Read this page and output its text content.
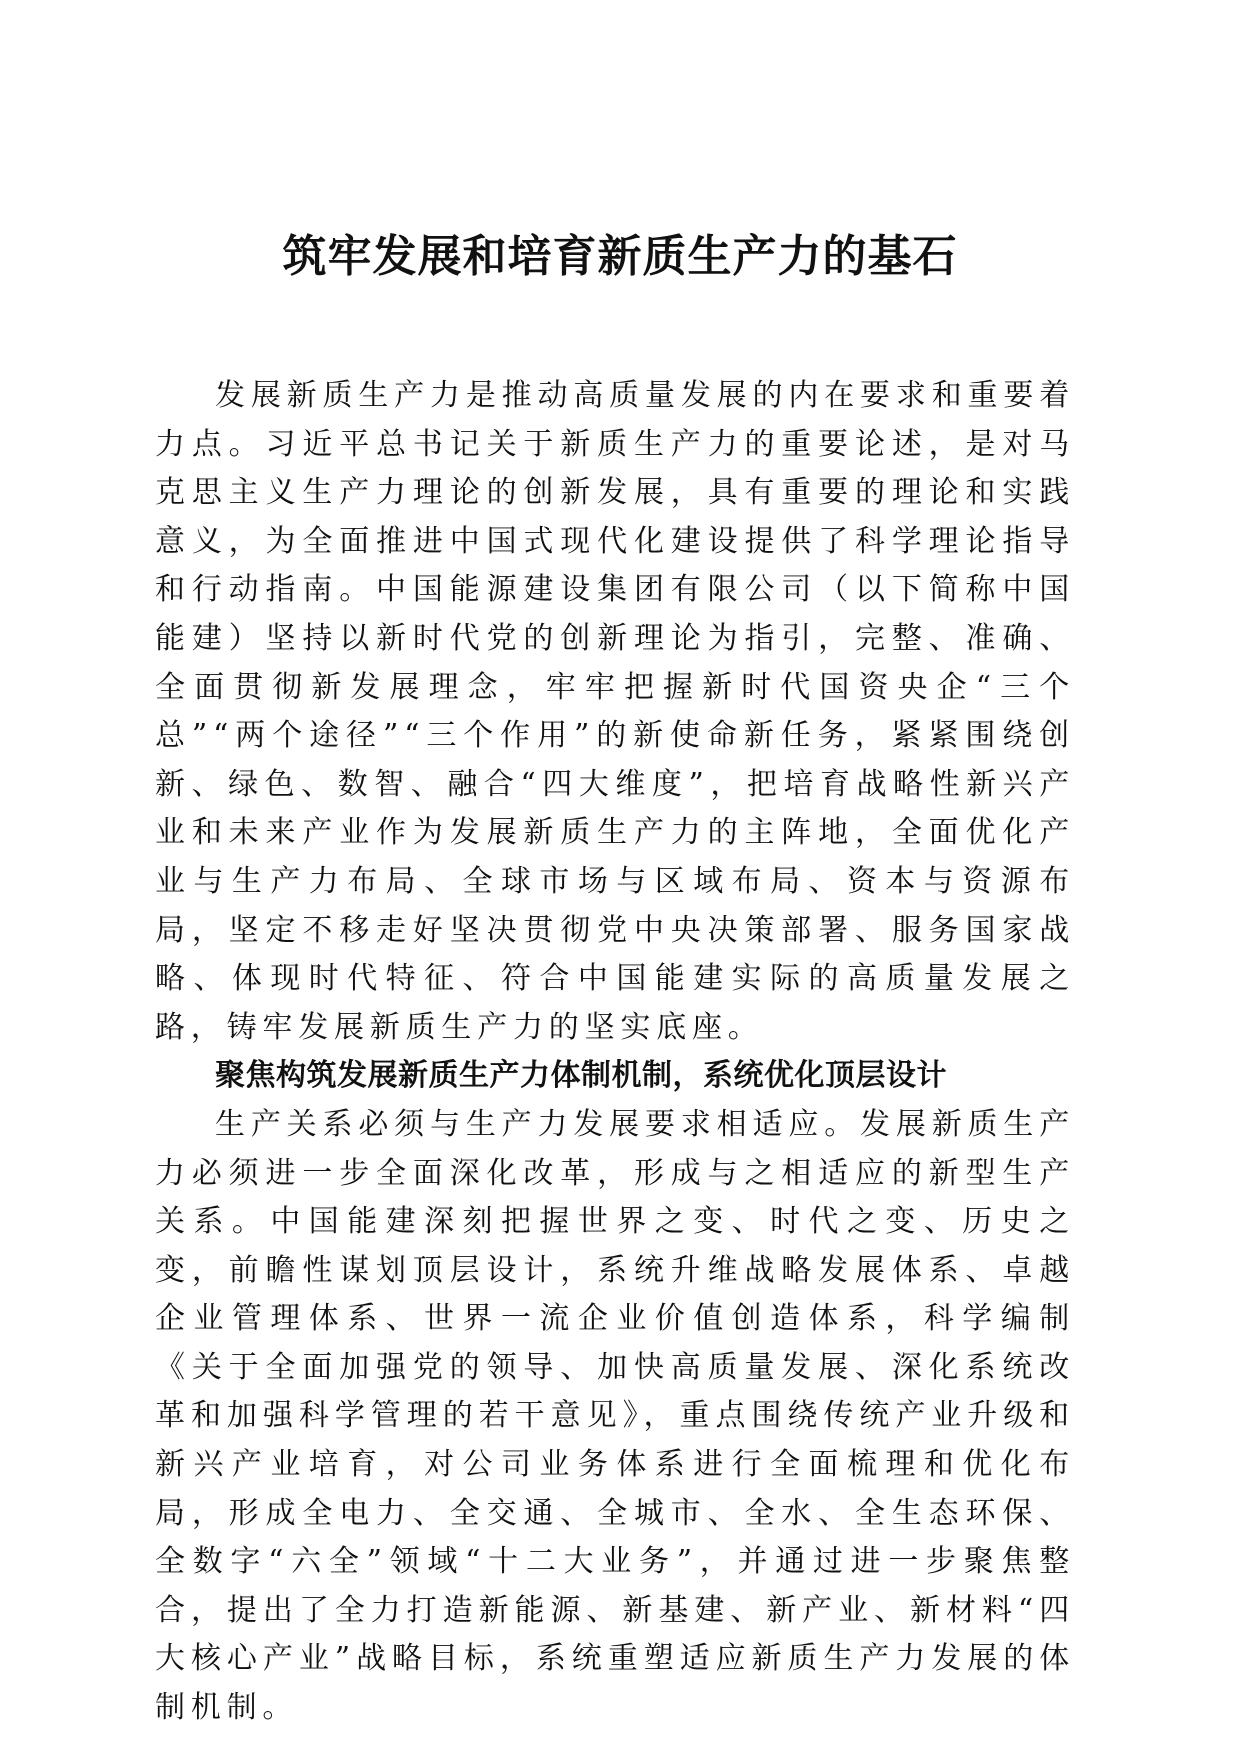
筑牢发展和培育新质生产力的基石

发展新质生产力是推动高质量发展的内在要求和重要着力点。习近平总书记关于新质生产力的重要论述，是对马克思主义生产力理论的创新发展，具有重要的理论和实践意义，为全面推进中国式现代化建设提供了科学理论指导和行动指南。中国能源建设集团有限公司（以下简称中国能建）坚持以新时代党的创新理论为指引，完整、准确、全面贯彻新发展理念，牢牢把握新时代国资央企“三个总”“两个途径”“三个作用”的新使命新任务，紧紧围绕创新、绿色、数智、融合“四大维度”，把培育战略性新兴产业和未来产业作为发展新质生产力的主阵地，全面优化产业与生产力布局、全球市场与区域布局、资本与资源布局，坚定不移走好坚决贯彻党中央决策部署、服务国家战略、体现时代特征、符合中国能建实际的高质量发展之路，铸牢发展新质生产力的坚实底座。

聚焦构筑发展新质生产力体制机制，系统优化顶层设计

生产关系必须与生产力发展要求相适应。发展新质生产力必须进一步全面深化改革，形成与之相适应的新型生产关系。中国能建深刻把握世界之变、时代之变、历史之变，前瞻性谋划顶层设计，系统升维战略发展体系、卓越企业管理体系、世界一流企业价值创造体系，科学编制《关于全面加强党的领导、加快高质量发展、深化系统改革和加强科学管理的若干意见》，重点围绕传统产业升级和新兴产业培育，对公司业务体系进行全面梳理和优化布局，形成全电力、全交通、全城市、全水、全生态环保、全数字“六全”领域“十二大业务”，并通过进一步聚焦整合，提出了全力打造新能源、新基建、新产业、新材料“四大核心产业”战略目标，系统重塑适应新质生产力发展的体制机制。
